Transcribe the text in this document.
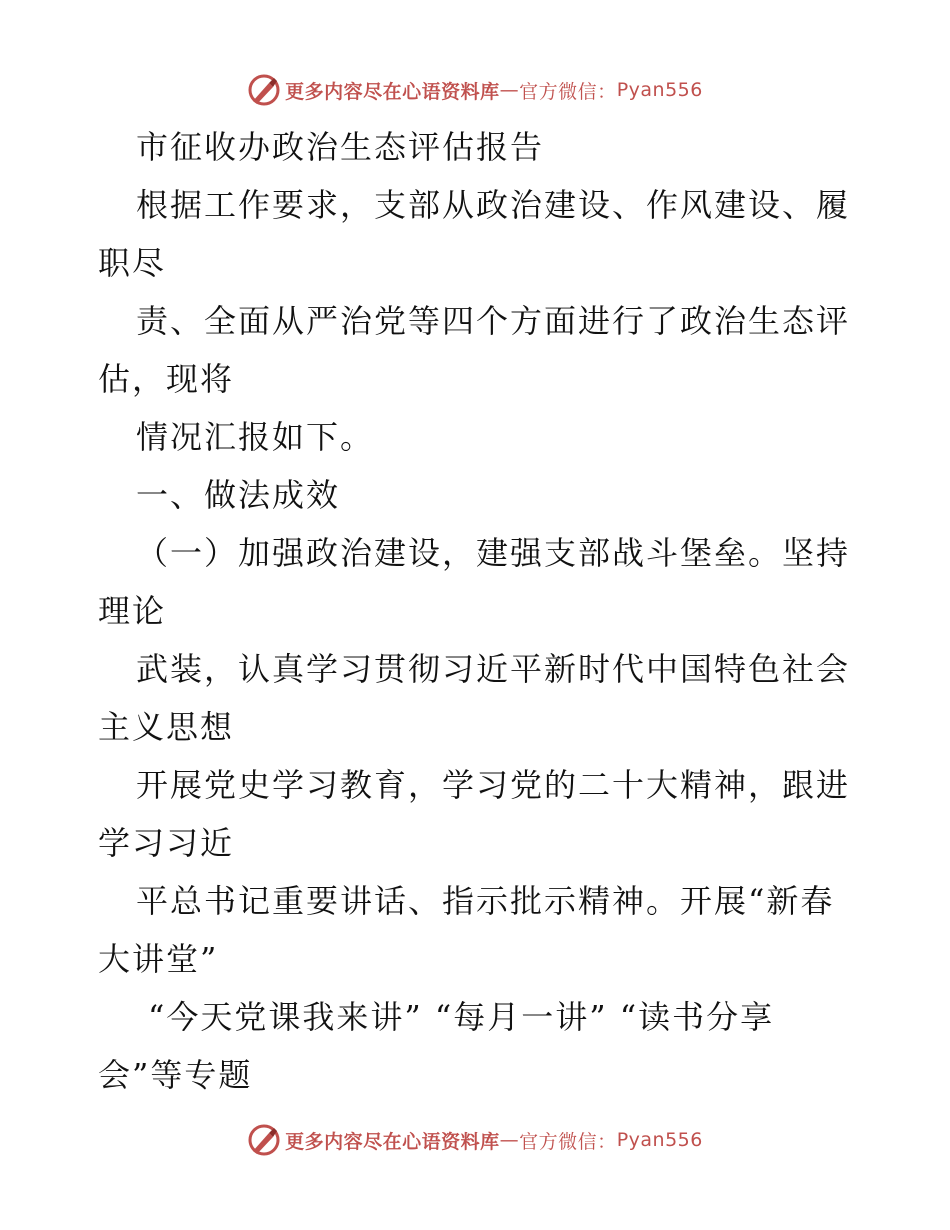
更多内容尽在心语资料库 — 官方微信： Pyan556
市征收办政治生态评估报告
根据工作要求，支部从政治建设、作风建设、履
职尽
责、全面从严治党等四个方面进行了政治生态评
估，现将
情况汇报如下。
一、做法成效
（一）加强政治建设，建强支部战斗堡垒。坚持
理论
武装，认真学习贯彻习近平新时代中国特色社会
主义思想
开展党史学习教育，学习党的二十大精神，跟进
学习习近
平总书记重要讲话、指示批示精神。开展“新春
大讲堂”
“今天党课我来讲” “每月一讲” “读书分享
会”等专题
更多内容尽在心语资料库 — 官方微信： Pyan556
